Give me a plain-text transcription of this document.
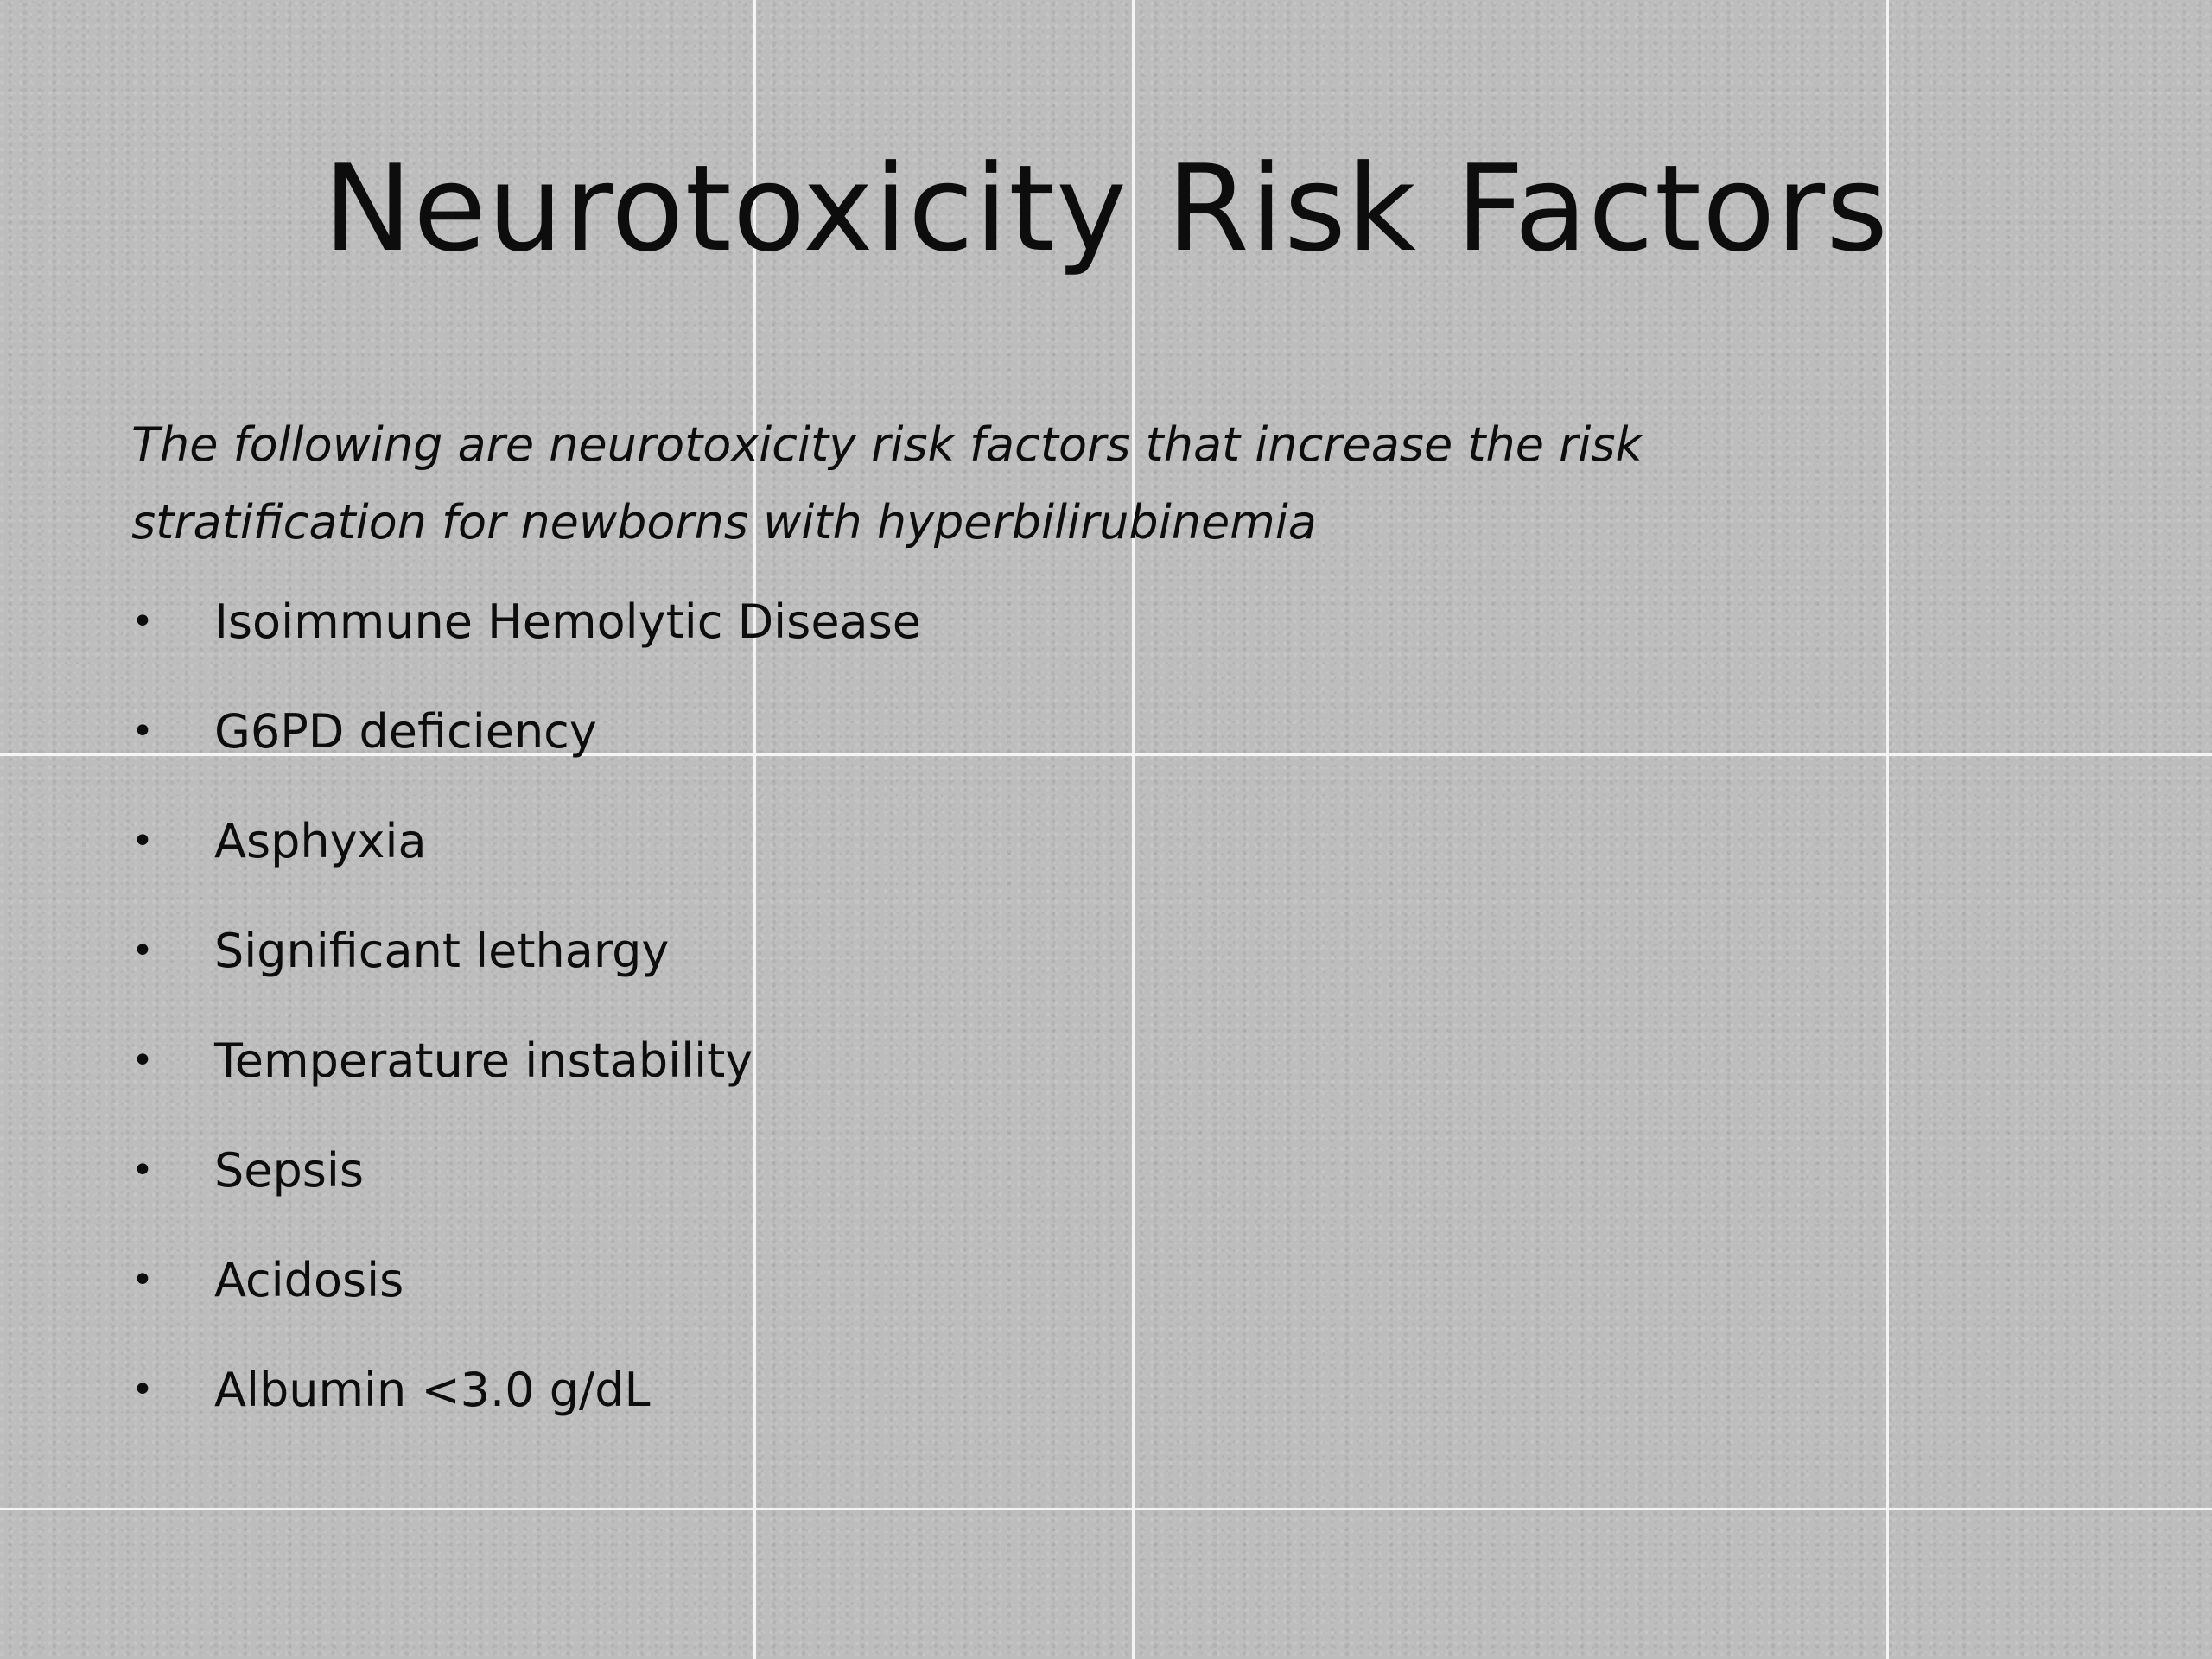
Neurotoxicity Risk Factors
The following are neurotoxicity risk factors that increase the risk stratification for newborns with hyperbilirubinemia
• Isoimmune Hemolytic Disease
• G6PD deficiency
• Asphyxia
• Significant lethargy
• Temperature instability
• Sepsis
• Acidosis
• Albumin <3.0 g/dL
